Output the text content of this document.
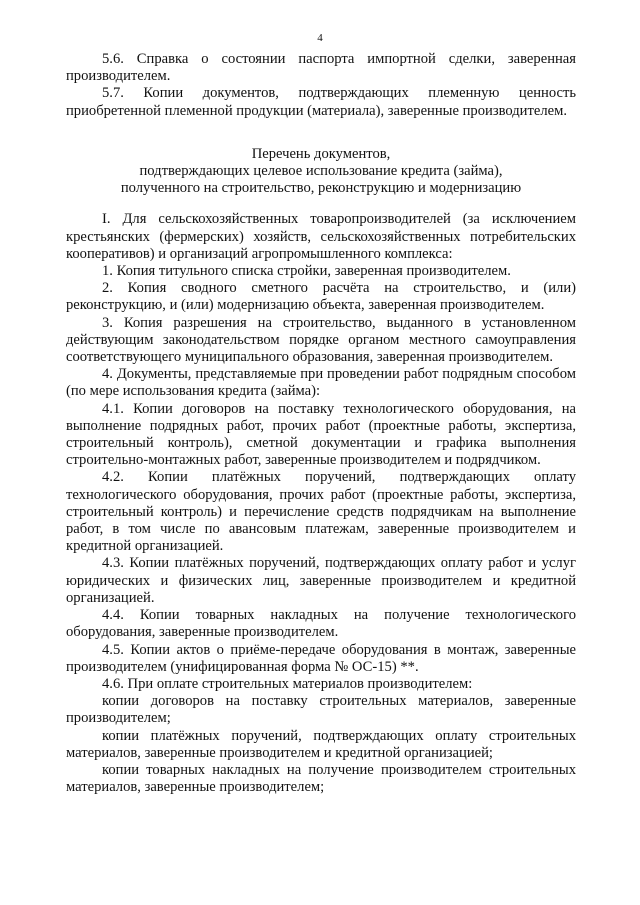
4
5.6. Справка о состоянии паспорта импортной сделки, заверенная производителем.
5.7. Копии документов, подтверждающих племенную ценность приобретенной племенной продукции (материала), заверенные производителем.
Перечень документов,
подтверждающих целевое использование кредита (займа),
полученного на строительство, реконструкцию и модернизацию
I. Для сельскохозяйственных товаропроизводителей (за исключением крестьянских (фермерских) хозяйств, сельскохозяйственных потребительских кооперативов) и организаций агропромышленного комплекса:
1. Копия титульного списка стройки, заверенная производителем.
2. Копия сводного сметного расчёта на строительство, и (или) реконструкцию, и (или) модернизацию объекта, заверенная производителем.
3. Копия разрешения на строительство, выданного в установленном действующим законодательством порядке органом местного самоуправления соответствующего муниципального образования, заверенная производителем.
4. Документы, представляемые при проведении работ подрядным способом (по мере использования кредита (займа):
4.1. Копии договоров на поставку технологического оборудования, на выполнение подрядных работ, прочих работ (проектные работы, экспертиза, строительный контроль), сметной документации и графика выполнения строительно-монтажных работ, заверенные производителем и подрядчиком.
4.2. Копии платёжных поручений, подтверждающих оплату технологического оборудования, прочих работ (проектные работы, экспертиза, строительный контроль) и перечисление средств подрядчикам на выполнение работ, в том числе по авансовым платежам, заверенные производителем и кредитной организацией.
4.3. Копии платёжных поручений, подтверждающих оплату работ и услуг юридических и физических лиц, заверенные производителем и кредитной организацией.
4.4. Копии товарных накладных на получение технологического оборудования, заверенные производителем.
4.5. Копии актов о приёме-передаче оборудования в монтаж, заверенные производителем (унифицированная форма № ОС-15) **.
4.6. При оплате строительных материалов производителем:
копии договоров на поставку строительных материалов, заверенные производителем;
копии платёжных поручений, подтверждающих оплату строительных материалов, заверенные производителем и кредитной организацией;
копии товарных накладных на получение производителем строительных материалов, заверенные производителем;
